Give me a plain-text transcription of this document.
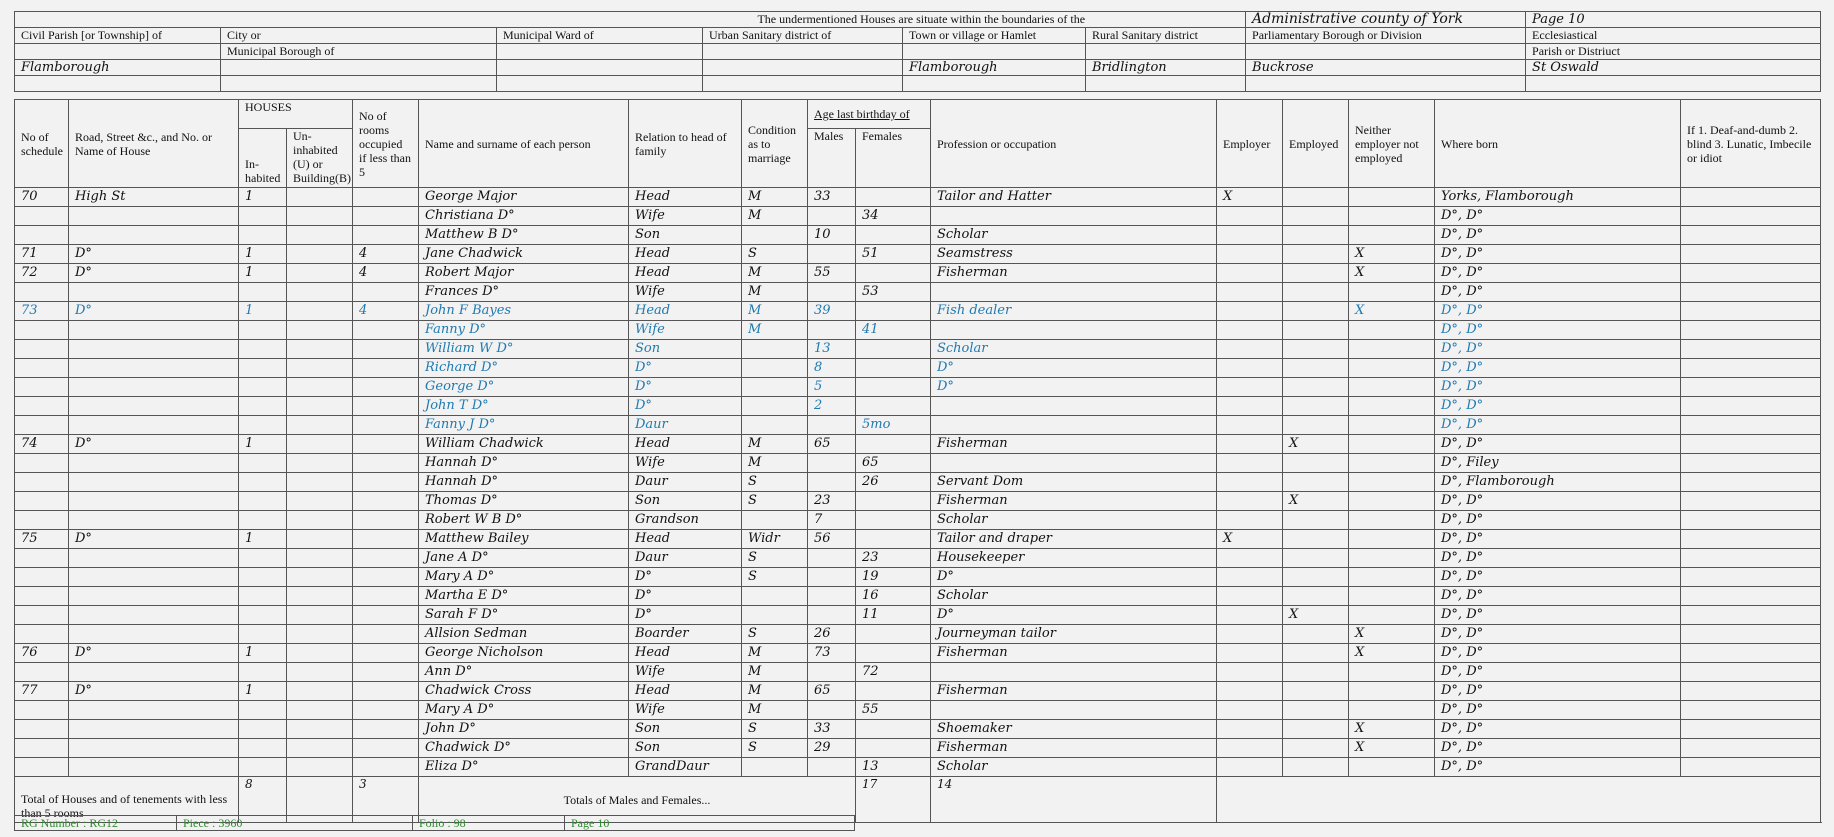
The undermentioned Houses are situate within the boundaries of the						Administrative county of York	Page 10
Civil Parish [or Township] of	City or	Municipal Ward of	Urban Sanitary district of	Town or village or Hamlet	Rural Sanitary district	Parliamentary Borough or Division	Ecclesiastical
	Municipal Borough of						Parish or Distriuct
Flamborough				Flamborough	Bridlington	Buckrose	St Oswald

No of schedule	Road, Street &c., and No. or Name of House	HOUSES		No of rooms occupied if less than 5	Name and surname of each person	Relation to head of family	Condition as to marriage	Age last birthday of		Profession or occupation	Employer	Employed	Neither employer not employed	Where born	If 1. Deaf-and-dumb 2. blind 3. Lunatic, Imbecile or idiot
		In-habited	Un-inhabited (U) or Building(B)					Males	Females						
70	High St	1			George Major	Head	M	33		Tailor and Hatter	X			Yorks, Flamborough	
					Christiana D°	Wife	M		34					D°, D°	
					Matthew B D°	Son		10		Scholar				D°, D°	
71	D°	1		4	Jane Chadwick	Head	S		51	Seamstress			X	D°, D°	
72	D°	1		4	Robert Major	Head	M	55		Fisherman			X	D°, D°	
					Frances D°	Wife	M		53					D°, D°	
73	D°	1		4	John F Bayes	Head	M	39		Fish dealer			X	D°, D°	
					Fanny D°	Wife	M		41					D°, D°	
					William W D°	Son		13		Scholar				D°, D°	
					Richard D°	D°		8		D°				D°, D°	
					George D°	D°		5		D°				D°, D°	
					John T D°	D°		2						D°, D°	
					Fanny J D°	Daur			5mo					D°, D°	
74	D°	1			William Chadwick	Head	M	65		Fisherman		X		D°, D°	
					Hannah D°	Wife	M		65					D°, Filey	
					Hannah D°	Daur	S		26	Servant Dom				D°, Flamborough	
					Thomas D°	Son	S	23		Fisherman		X		D°, D°	
					Robert W B D°	Grandson		7		Scholar				D°, D°	
75	D°	1			Matthew Bailey	Head	Widr	56		Tailor and draper	X			D°, D°	
					Jane A D°	Daur	S		23	Housekeeper				D°, D°	
					Mary A D°	D°	S		19	D°				D°, D°	
					Martha E D°	D°			16	Scholar				D°, D°	
					Sarah F D°	D°			11	D°		X		D°, D°	
					Allsion Sedman	Boarder	S	26		Journeyman tailor			X	D°, D°	
76	D°	1			George Nicholson	Head	M	73		Fisherman			X	D°, D°	
					Ann D°	Wife	M		72					D°, D°	
77	D°	1			Chadwick Cross	Head	M	65		Fisherman				D°, D°	
					Mary A D°	Wife	M		55					D°, D°	
					John D°	Son	S	33		Shoemaker			X	D°, D°	
					Chadwick D°	Son	S	29		Fisherman			X	D°, D°	
					Eliza D°	GrandDaur			13	Scholar				D°, D°	
Total of Houses and of tenements with less than 5 rooms		8		3	Totals of Males and Females...				17	14					
RG Number : RG12	Piece : 3960	Folio : 98	Page 10
